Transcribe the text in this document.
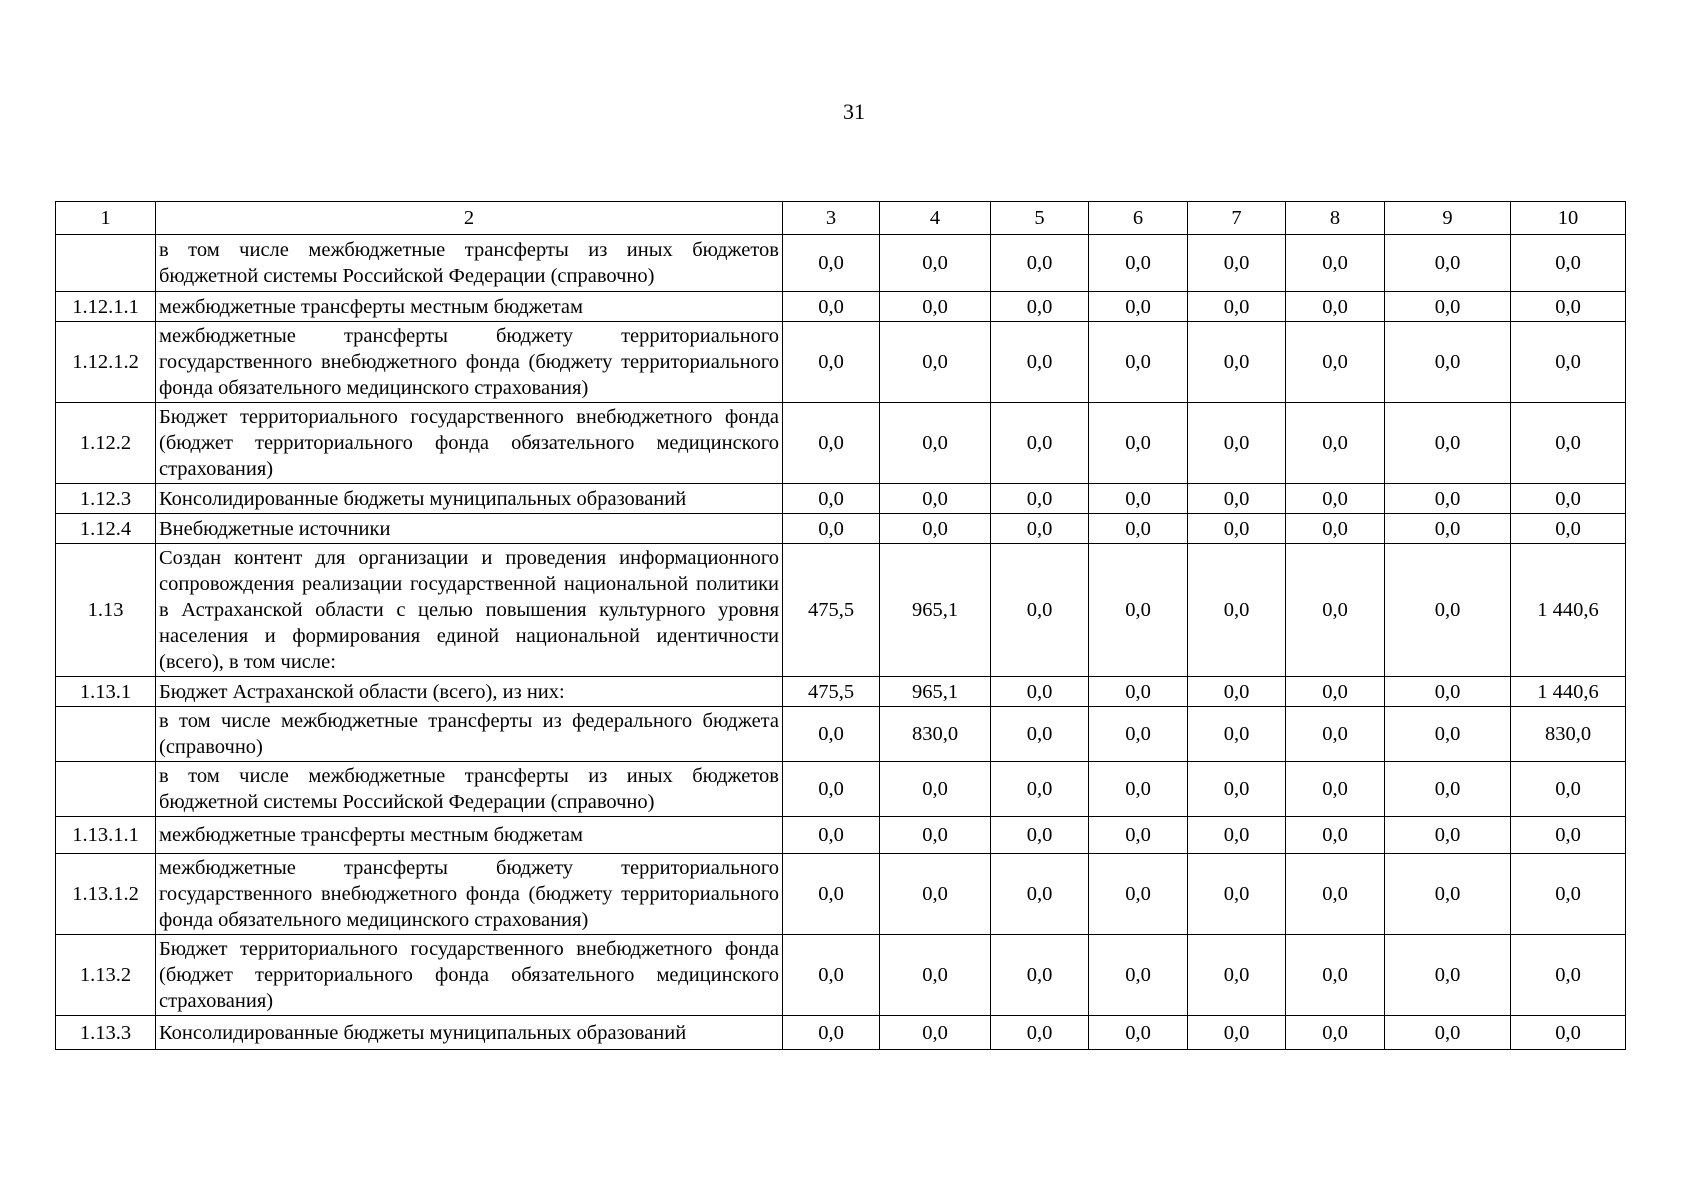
31
1	2	3	4	5	6	7	8	9	10
	в том числе межбюджетные трансферты из иных бюджетов бюджетной системы Российской Федерации (справочно)	0,0	0,0	0,0	0,0	0,0	0,0	0,0	0,0
1.12.1.1	межбюджетные трансферты местным бюджетам	0,0	0,0	0,0	0,0	0,0	0,0	0,0	0,0
1.12.1.2	межбюджетные трансферты бюджету территориального государственного внебюджетного фонда (бюджету территориального фонда обязательного медицинского страхования)	0,0	0,0	0,0	0,0	0,0	0,0	0,0	0,0
1.12.2	Бюджет территориального государственного внебюджетного фонда (бюджет территориального фонда обязательного медицинского страхования)	0,0	0,0	0,0	0,0	0,0	0,0	0,0	0,0
1.12.3	Консолидированные бюджеты муниципальных образований	0,0	0,0	0,0	0,0	0,0	0,0	0,0	0,0
1.12.4	Внебюджетные источники	0,0	0,0	0,0	0,0	0,0	0,0	0,0	0,0
1.13	Создан контент для организации и проведения информационного сопровождения реализации государственной национальной политики в Астраханской области с целью повышения культурного уровня населения и формирования единой национальной идентичности (всего), в том числе:	475,5	965,1	0,0	0,0	0,0	0,0	0,0	1 440,6
1.13.1	Бюджет Астраханской области (всего), из них:	475,5	965,1	0,0	0,0	0,0	0,0	0,0	1 440,6
	в том числе межбюджетные трансферты из федерального бюджета (справочно)	0,0	830,0	0,0	0,0	0,0	0,0	0,0	830,0
	в том числе межбюджетные трансферты из иных бюджетов бюджетной системы Российской Федерации (справочно)	0,0	0,0	0,0	0,0	0,0	0,0	0,0	0,0
1.13.1.1	межбюджетные трансферты местным бюджетам	0,0	0,0	0,0	0,0	0,0	0,0	0,0	0,0
1.13.1.2	межбюджетные трансферты бюджету территориального государственного внебюджетного фонда (бюджету территориального фонда обязательного медицинского страхования)	0,0	0,0	0,0	0,0	0,0	0,0	0,0	0,0
1.13.2	Бюджет территориального государственного внебюджетного фонда (бюджет территориального фонда обязательного медицинского страхования)	0,0	0,0	0,0	0,0	0,0	0,0	0,0	0,0
1.13.3	Консолидированные бюджеты муниципальных образований	0,0	0,0	0,0	0,0	0,0	0,0	0,0	0,0
